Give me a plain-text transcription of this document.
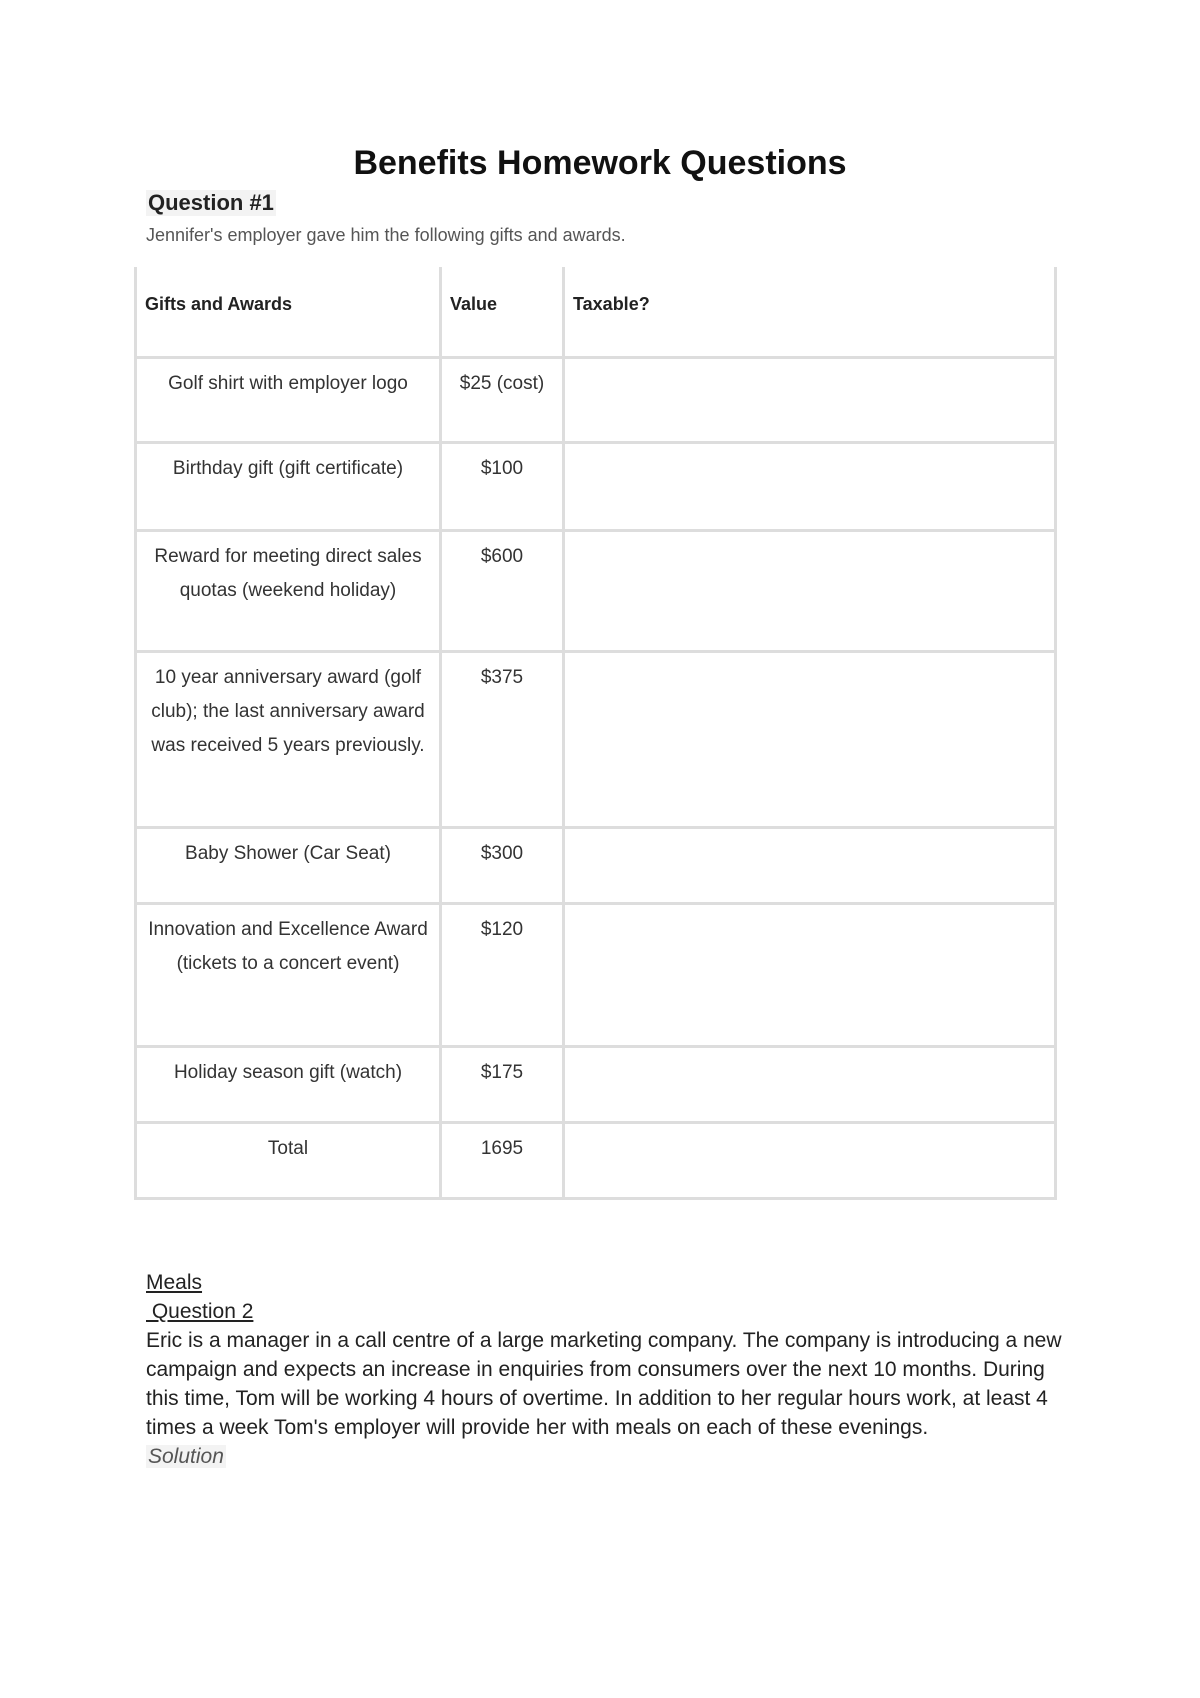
Benefits Homework Questions

Question #1

Jennifer's employer gave him the following gifts and awards.

Gifts and Awards	Value	Taxable?
Golf shirt with employer logo	$25 (cost)	
Birthday gift (gift certificate)	$100	
Reward for meeting direct sales quotas (weekend holiday)	$600	
10 year anniversary award (golf club); the last anniversary award was received 5 years previously.	$375	
Baby Shower (Car Seat)	$300	
Innovation and Excellence Award (tickets to a concert event)	$120	
Holiday season gift (watch)	$175	
Total	1695	

Meals

Question 2

Eric is a manager in a call centre of a large marketing company. The company is introducing a new campaign and expects an increase in enquiries from consumers over the next 10 months. During this time, Tom will be working 4 hours of overtime. In addition to her regular hours work, at least 4 times a week Tom's employer will provide her with meals on each of these evenings.

Solution
